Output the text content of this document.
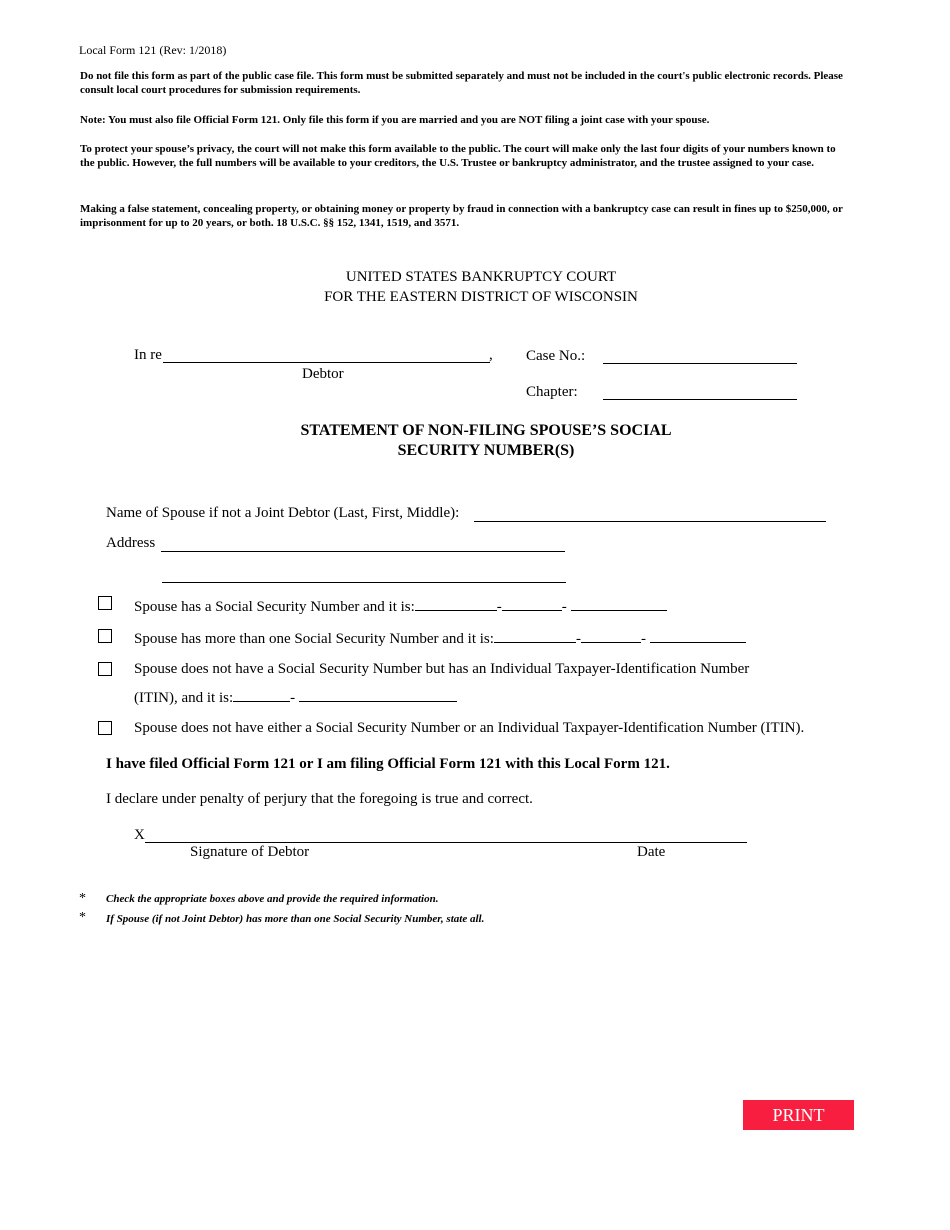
Local Form 121 (Rev: 1/2018)
Do not file this form as part of the public case file. This form must be submitted separately and must not be included in the court's public electronic records. Please consult local court procedures for submission requirements.
Note: You must also file Official Form 121. Only file this form if you are married and you are NOT filing a joint case with your spouse.
To protect your spouse’s privacy, the court will not make this form available to the public. The court will make only the last four digits of your numbers known to the public. However, the full numbers will be available to your creditors, the U.S. Trustee or bankruptcy administrator, and the trustee assigned to your case.
Making a false statement, concealing property, or obtaining money or property by fraud in connection with a bankruptcy case can result in fines up to $250,000, or imprisonment for up to 20 years, or both. 18 U.S.C. §§ 152, 1341, 1519, and 3571.
UNITED STATES BANKRUPTCY COURT
FOR THE EASTERN DISTRICT OF WISCONSIN
In re	,
Debtor
Case No.:
Chapter:
STATEMENT OF NON-FILING SPOUSE’S SOCIAL
SECURITY NUMBER(S)
Name of Spouse if not a Joint Debtor (Last, First, Middle):
Address
Spouse has a Social Security Number and it is:	-	-
Spouse has more than one Social Security Number and it is:	-	-
Spouse does not have a Social Security Number but has an Individual Taxpayer-Identification Number
(ITIN), and it is:	-
Spouse does not have either a Social Security Number or an Individual Taxpayer-Identification Number (ITIN).
I have filed Official Form 121 or I am filing Official Form 121 with this Local Form 121.
I declare under penalty of perjury that the foregoing is true and correct.
X
Signature of Debtor	Date
* Check the appropriate boxes above and provide the required information.
* If Spouse (if not Joint Debtor) has more than one Social Security Number, state all.
PRINT
